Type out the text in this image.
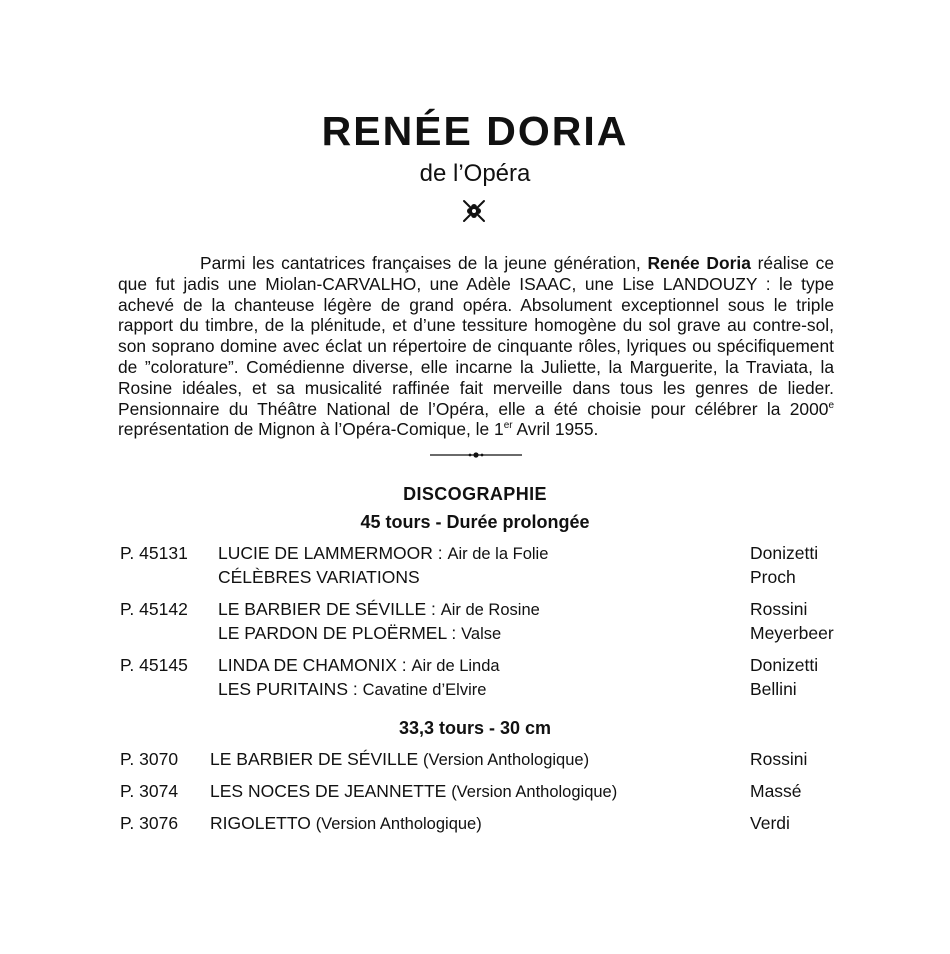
RENÉE DORIA
de l’Opéra
Parmi les cantatrices françaises de la jeune génération, Renée Doria réalise ce que fut jadis une Miolan-CARVALHO, une Adèle ISAAC, une Lise LANDOUZY : le type achevé de la chanteuse légère de grand opéra. Absolument exceptionnel sous le triple rapport du timbre, de la plénitude, et d’une tessiture homogène du sol grave au contre-sol, son soprano domine avec éclat un répertoire de cinquante rôles, lyriques ou spécifiquement de ”coloraturе”. Comédienne diverse, elle incarne la Juliette, la Marguerite, la Traviata, la Rosine idéales, et sa musicalité raffinée fait merveille dans tous les genres de lieder. Pensionnaire du Théâtre National de l’Opéra, elle a été choisie pour célébrer la 2000e représentation de Mignon à l’Opéra-Comique, le 1er Avril 1955.
DISCOGRAPHIE
45 tours - Durée prolongée
P. 45131 LUCIE DE LAMMERMOOR : Air de la Folie	Donizetti
CÉLÈBRES VARIATIONS	Proch
P. 45142 LE BARBIER DE SÉVILLE : Air de Rosine	Rossini
LE PARDON DE PLOËRMEL : Valse	Meyerbeer
P. 45145 LINDA DE CHAMONIX : Air de Linda	Donizetti
LES PURITAINS : Cavatine d’Elvire	Bellini
33,3 tours - 30 cm
P. 3070 LE BARBIER DE SÉVILLE (Version Anthologique)	Rossini
P. 3074 LES NOCES DE JEANNETTE (Version Anthologique)	Massé
P. 3076 RIGOLETTO (Version Anthologique)	Verdi
